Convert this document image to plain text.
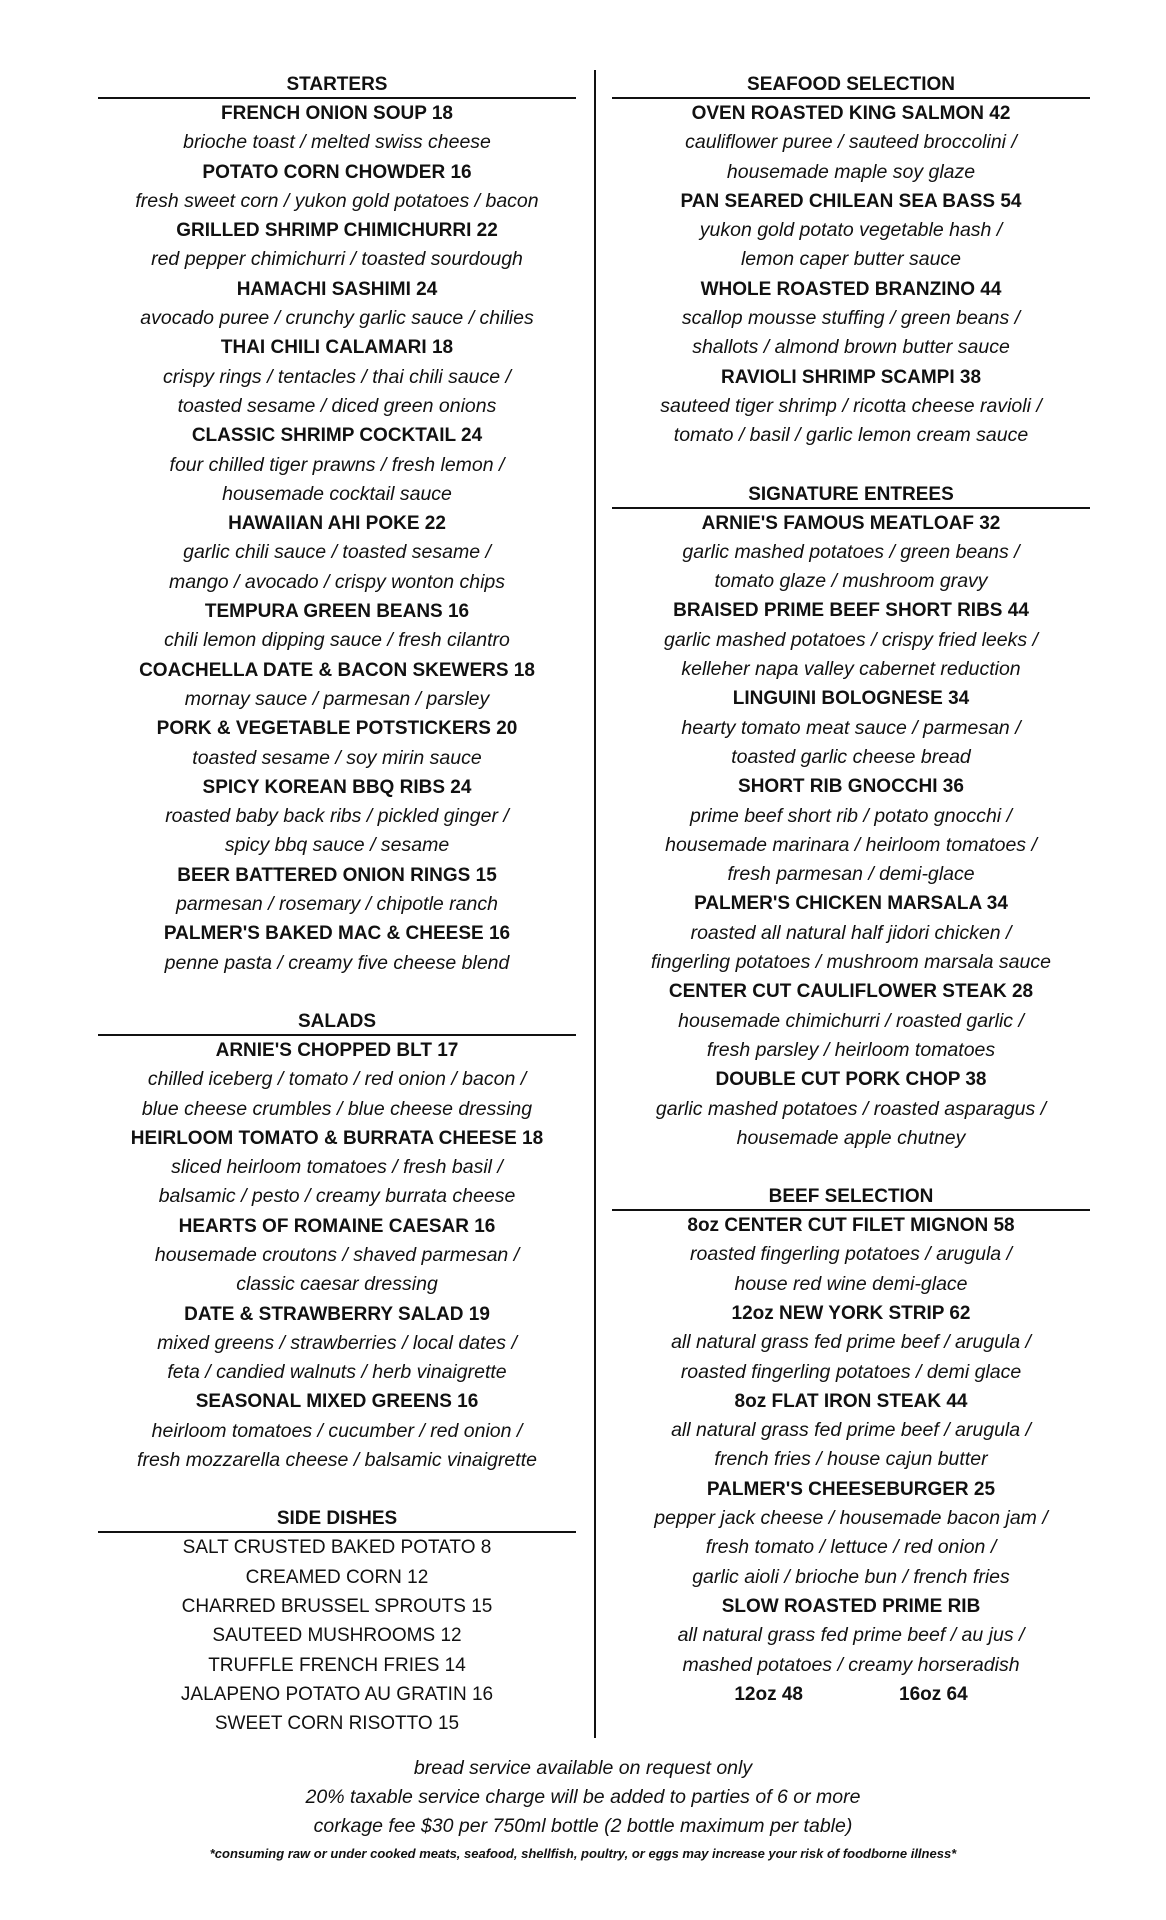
STARTERS
FRENCH ONION SOUP 18
brioche toast / melted swiss cheese
POTATO CORN CHOWDER 16
fresh sweet corn / yukon gold potatoes / bacon
GRILLED SHRIMP CHIMICHURRI 22
red pepper chimichurri / toasted sourdough
HAMACHI SASHIMI 24
avocado puree / crunchy garlic sauce / chilies
THAI CHILI CALAMARI 18
crispy rings / tentacles / thai chili sauce /
toasted sesame / diced green onions
CLASSIC SHRIMP COCKTAIL 24
four chilled tiger prawns / fresh lemon /
housemade cocktail sauce
HAWAIIAN AHI POKE 22
garlic chili sauce / toasted sesame /
mango / avocado / crispy wonton chips
TEMPURA GREEN BEANS 16
chili lemon dipping sauce / fresh cilantro
COACHELLA DATE & BACON SKEWERS 18
mornay sauce / parmesan / parsley
PORK & VEGETABLE POTSTICKERS 20
toasted sesame / soy mirin sauce
SPICY KOREAN BBQ RIBS 24
roasted baby back ribs / pickled ginger /
spicy bbq sauce / sesame
BEER BATTERED ONION RINGS 15
parmesan / rosemary / chipotle ranch
PALMER'S BAKED MAC & CHEESE 16
penne pasta / creamy five cheese blend
SALADS
ARNIE'S CHOPPED BLT 17
chilled iceberg / tomato / red onion / bacon /
blue cheese crumbles / blue cheese dressing
HEIRLOOM TOMATO & BURRATA CHEESE 18
sliced heirloom tomatoes / fresh basil /
balsamic / pesto / creamy burrata cheese
HEARTS OF ROMAINE CAESAR 16
housemade croutons / shaved parmesan /
classic caesar dressing
DATE & STRAWBERRY SALAD 19
mixed greens / strawberries / local dates /
feta / candied walnuts / herb vinaigrette
SEASONAL MIXED GREENS 16
heirloom tomatoes / cucumber / red onion /
fresh mozzarella cheese / balsamic vinaigrette
SIDE DISHES
SALT CRUSTED BAKED POTATO 8
CREAMED CORN 12
CHARRED BRUSSEL SPROUTS 15
SAUTEED MUSHROOMS 12
TRUFFLE FRENCH FRIES 14
JALAPENO POTATO AU GRATIN 16
SWEET CORN RISOTTO 15
SEAFOOD SELECTION
OVEN ROASTED KING SALMON 42
cauliflower puree / sauteed broccolini /
housemade maple soy glaze
PAN SEARED CHILEAN SEA BASS 54
yukon gold potato vegetable hash /
lemon caper butter sauce
WHOLE ROASTED BRANZINO 44
scallop mousse stuffing / green beans /
shallots / almond brown butter sauce
RAVIOLI SHRIMP SCAMPI 38
sauteed tiger shrimp / ricotta cheese ravioli /
tomato / basil / garlic lemon cream sauce
SIGNATURE ENTREES
ARNIE'S FAMOUS MEATLOAF 32
garlic mashed potatoes / green beans /
tomato glaze / mushroom gravy
BRAISED PRIME BEEF SHORT RIBS 44
garlic mashed potatoes / crispy fried leeks /
kelleher napa valley cabernet reduction
LINGUINI BOLOGNESE 34
hearty tomato meat sauce / parmesan /
toasted garlic cheese bread
SHORT RIB GNOCCHI 36
prime beef short rib / potato gnocchi /
housemade marinara / heirloom tomatoes /
fresh parmesan / demi-glace
PALMER'S CHICKEN MARSALA 34
roasted all natural half jidori chicken /
fingerling potatoes / mushroom marsala sauce
CENTER CUT CAULIFLOWER STEAK 28
housemade chimichurri / roasted garlic /
fresh parsley / heirloom tomatoes
DOUBLE CUT PORK CHOP 38
garlic mashed potatoes / roasted asparagus /
housemade apple chutney
BEEF SELECTION
8oz CENTER CUT FILET MIGNON 58
roasted fingerling potatoes / arugula /
house red wine demi-glace
12oz NEW YORK STRIP 62
all natural grass fed prime beef / arugula /
roasted fingerling potatoes / demi glace
8oz FLAT IRON STEAK 44
all natural grass fed prime beef / arugula /
french fries / house cajun butter
PALMER'S CHEESEBURGER 25
pepper jack cheese / housemade bacon jam /
fresh tomato / lettuce / red onion /
garlic aioli / brioche bun / french fries
SLOW ROASTED PRIME RIB
all natural grass fed prime beef / au jus /
mashed potatoes / creamy horseradish
12oz 48	16oz 64
bread service available on request only
20% taxable service charge will be added to parties of 6 or more
corkage fee $30 per 750ml bottle (2 bottle maximum per table)
*consuming raw or under cooked meats, seafood, shellfish, poultry, or eggs may increase your risk of foodborne illness*
